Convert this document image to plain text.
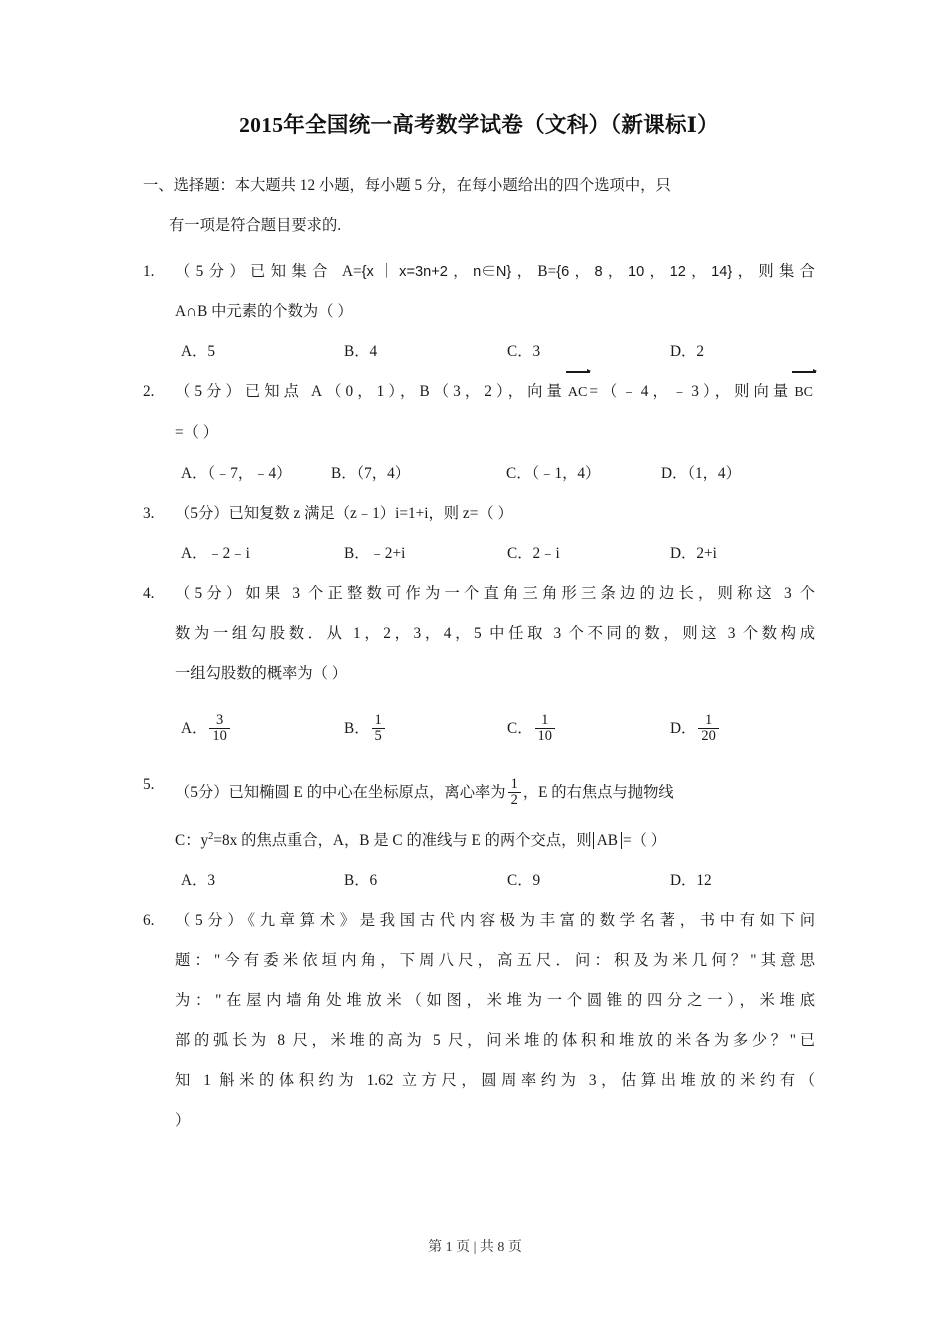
2015年全国统一高考数学试卷（文科）（新课标Ⅰ）

一、选择题：本大题共 12 小题，每小题 5 分，在每小题给出的四个选项中，只
有一项是符合题目要求的.

1.	（5分）已知集合 A={x｜x=3n+2，n∈N}，B={6，8，10，12，14}，则集合
A∩B 中元素的个数为（ ）
A．5	B．4	C．3	D．2
2.	（5分）已知点 A（0，1），B（3，2），向量 AC =（﹣4，﹣3），则向量 BC
=（ ）
A．（﹣7，﹣4）	B．（7，4）	C．（﹣1，4）	D．（1，4）
3.	（5分）已知复数 z 满足（z﹣1）i=1+i，则 z=（ ）
A．﹣2﹣i	B．﹣2+i	C．2﹣i	D．2+i
4.	（5分）如果 3 个正整数可作为一个直角三角形三条边的边长，则称这 3 个
数为一组勾股数．从 1，2，3，4，5 中任取 3 个不同的数，则这 3 个数构成
一组勾股数的概率为（ ）
A． $\frac{3}{10}$	B． $\frac{1}{5}$	C． $\frac{1}{10}$	D． $\frac{1}{20}$
5.	（5分）已知椭圆 E 的中心在坐标原点，离心率为 $\frac{1}{2}$ ，E 的右焦点与抛物线
C：$y^2=8x$ 的焦点重合，A，B 是 C 的准线与 E 的两个交点，则 AB =（ ）
A．3	B．6	C．9	D．12
6.	（5分）《九章算术》是我国古代内容极为丰富的数学名著，书中有如下问
题："今有委米依垣内角，下周八尺，高五尺．问：积及为米几何？"其意思
为："在屋内墙角处堆放米（如图，米堆为一个圆锥的四分之一），米堆底
部的弧长为 8 尺，米堆的高为 5 尺，问米堆的体积和堆放的米各为多少？"已
知 1 斛米的体积约为 1.62 立方尺，圆周率约为 3，估算出堆放的米约有（
）
第 1 页 | 共 8 页
